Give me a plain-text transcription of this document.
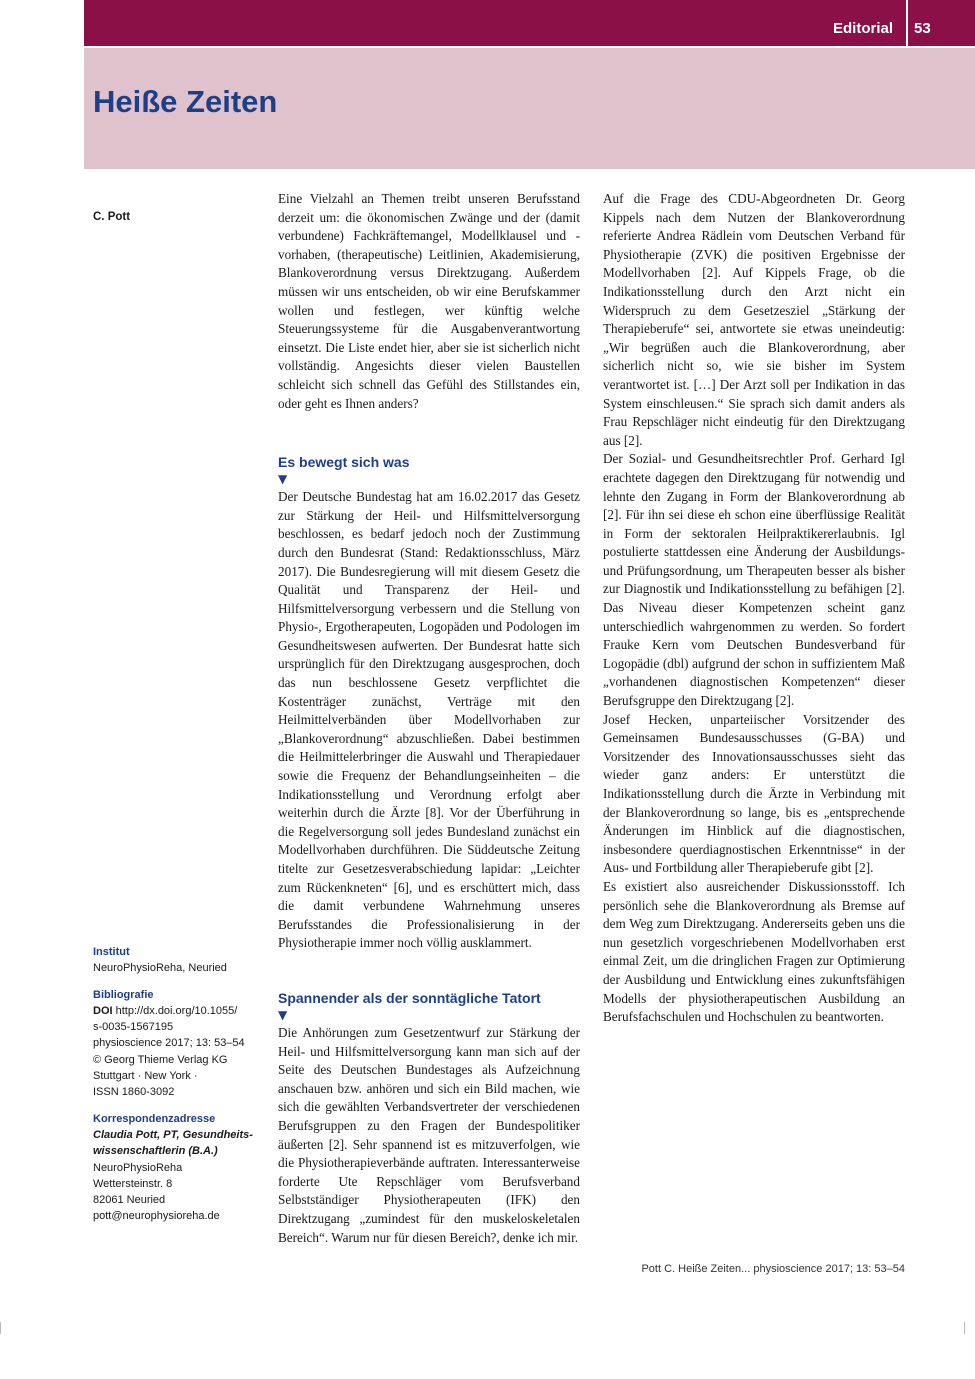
Editorial 53
Heiße Zeiten
C. Pott
Institut
NeuroPhysioReha, Neuried
Bibliografie
DOI http://dx.doi.org/10.1055/
s-0035-1567195
physioscience 2017; 13: 53–54
© Georg Thieme Verlag KG
Stuttgart · New York ·
ISSN 1860-3092
Korrespondenzadresse
Claudia Pott, PT, Gesundheits-
wissenschaftlerin (B.A.)
NeuroPhysioReha
Wettersteinstr. 8
82061 Neuried
pott@neurophysioreha.de

Eine Vielzahl an Themen treibt unseren Berufsstand derzeit um: die ökonomischen Zwänge und der (damit verbundene) Fachkräftemangel, Modellklausel und -vorhaben, (therapeutische) Leitlinien, Akademisierung, Blankoverordnung versus Direktzugang. Außerdem müssen wir uns entscheiden, ob wir eine Berufskammer wollen und festlegen, wer künftig welche Steuerungssysteme für die Ausgabenverantwortung einsetzt. Die Liste endet hier, aber sie ist sicherlich nicht vollständig. Angesichts dieser vielen Baustellen schleicht sich schnell das Gefühl des Stillstandes ein, oder geht es Ihnen anders?

Es bewegt sich was
▼

Der Deutsche Bundestag hat am 16.02.2017 das Gesetz zur Stärkung der Heil- und Hilfsmittelversorgung beschlossen, es bedarf jedoch noch der Zustimmung durch den Bundesrat (Stand: Redaktionsschluss, März 2017). Die Bundesregierung will mit diesem Gesetz die Qualität und Transparenz der Heil- und Hilfsmittelversorgung verbessern und die Stellung von Physio-, Ergotherapeuten, Logopäden und Podologen im Gesundheitswesen aufwerten. Der Bundesrat hatte sich ursprünglich für den Direktzugang ausgesprochen, doch das nun beschlossene Gesetz verpflichtet die Kostenträger zunächst, Verträge mit den Heilmittelverbänden über Modellvorhaben zur „Blankoverordnung“ abzuschließen. Dabei bestimmen die Heilmittelerbringer die Auswahl und Therapiedauer sowie die Frequenz der Behandlungseinheiten – die Indikationsstellung und Verordnung erfolgt aber weiterhin durch die Ärzte [8]. Vor der Überführung in die Regelversorgung soll jedes Bundesland zunächst ein Modellvorhaben durchführen. Die Süddeutsche Zeitung titelte zur Gesetzesverabschiedung lapidar: „Leichter zum Rückenkneten“ [6], und es erschüttert mich, dass die damit verbundene Wahrnehmung unseres Berufsstandes die Professionalisierung in der Physiotherapie immer noch völlig ausklammert.

Spannender als der sonntägliche Tatort
▼

Die Anhörungen zum Gesetzentwurf zur Stärkung der Heil- und Hilfsmittelversorgung kann man sich auf der Seite des Deutschen Bundestages als Aufzeichnung anschauen bzw. anhören und sich ein Bild machen, wie sich die gewählten Verbandsvertreter der verschiedenen Berufsgruppen zu den Fragen der Bundespolitiker äußerten [2]. Sehr spannend ist es mitzuverfolgen, wie die Physiotherapieverbände auftraten. Interessanterweise forderte Ute Repschläger vom Berufsverband Selbstständiger Physiotherapeuten (IFK) den Direktzugang „zumindest für den muskeloskeletalen Bereich“. Warum nur für diesen Bereich?, denke ich mir.

Auf die Frage des CDU-Abgeordneten Dr. Georg Kippels nach dem Nutzen der Blankoverordnung referierte Andrea Rädlein vom Deutschen Verband für Physiotherapie (ZVK) die positiven Ergebnisse der Modellvorhaben [2]. Auf Kippels Frage, ob die Indikationsstellung durch den Arzt nicht ein Widerspruch zu dem Gesetzesziel „Stärkung der Therapieberufe“ sei, antwortete sie etwas uneindeutig: „Wir begrüßen auch die Blankoverordnung, aber sicherlich nicht so, wie sie bisher im System verantwortet ist. […] Der Arzt soll per Indikation in das System einschleusen.“ Sie sprach sich damit anders als Frau Repschläger nicht eindeutig für den Direktzugang aus [2].

Der Sozial- und Gesundheitsrechtler Prof. Gerhard Igl erachtete dagegen den Direktzugang für notwendig und lehnte den Zugang in Form der Blankoverordnung ab [2]. Für ihn sei diese eh schon eine überflüssige Realität in Form der sektoralen Heilpraktikererlaubnis. Igl postulierte stattdessen eine Änderung der Ausbildungs- und Prüfungsordnung, um Therapeuten besser als bisher zur Diagnostik und Indikationsstellung zu befähigen [2]. Das Niveau dieser Kompetenzen scheint ganz unterschiedlich wahrgenommen zu werden. So fordert Frauke Kern vom Deutschen Bundesverband für Logopädie (dbl) aufgrund der schon in suffizientem Maß „vorhandenen diagnostischen Kompetenzen“ dieser Berufsgruppe den Direktzugang [2].

Josef Hecken, unparteiischer Vorsitzender des Gemeinsamen Bundesausschusses (G-BA) und Vorsitzender des Innovationsausschusses sieht das wieder ganz anders: Er unterstützt die Indikationsstellung durch die Ärzte in Verbindung mit der Blankoverordnung so lange, bis es „entsprechende Änderungen im Hinblick auf die diagnostischen, insbesondere querdiagnostischen Erkenntnisse“ in der Aus- und Fortbildung aller Therapieberufe gibt [2].

Es existiert also ausreichender Diskussionsstoff. Ich persönlich sehe die Blankoverordnung als Bremse auf dem Weg zum Direktzugang. Andererseits geben uns die nun gesetzlich vorgeschriebenen Modellvorhaben erst einmal Zeit, um die dringlichen Fragen zur Optimierung der Ausbildung und Entwicklung eines zukunftsfähigen Modells der physiotherapeutischen Ausbildung an Berufsfachschulen und Hochschulen zu beantworten.

Pott C. Heiße Zeiten... physioscience 2017; 13: 53–54
